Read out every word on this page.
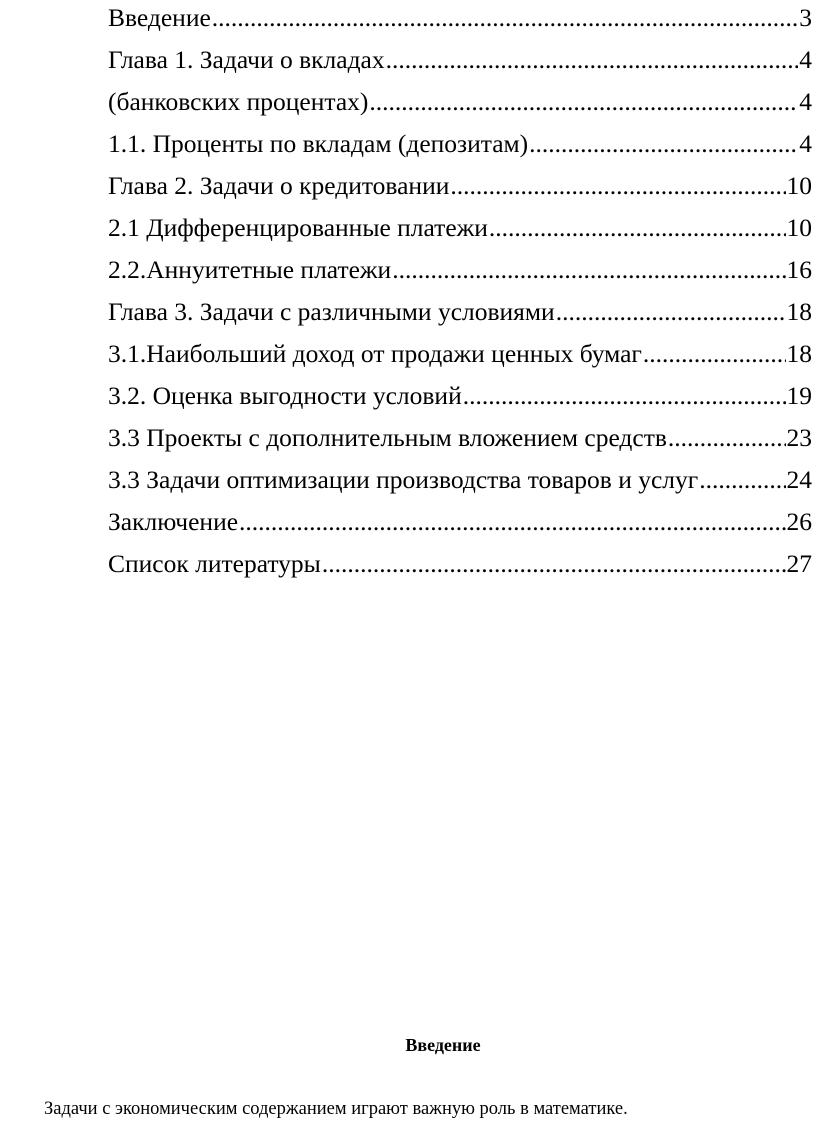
Введение .....	3
Глава 1. Задачи о вкладах .....	4
(банковских процентах) .....	4
1.1. Проценты по вкладам (депозитам) .....	4
Глава 2. Задачи о кредитовании .....	10
2.1 Дифференцированные платежи .....	10
2.2.Аннуитетные платежи .....	16
Глава 3. Задачи с различными условиями .....	18
3.1.Наибольший доход от продажи ценных бумаг .....	18
3.2. Оценка выгодности условий .....	19
3.3 Проекты с дополнительным вложением средств .....	23
3.3 Задачи оптимизации производства товаров и услуг .....	24
Заключение .....	26
Список литературы .....	27
Введение
Задачи с экономическим содержанием играют важную роль в математике.
